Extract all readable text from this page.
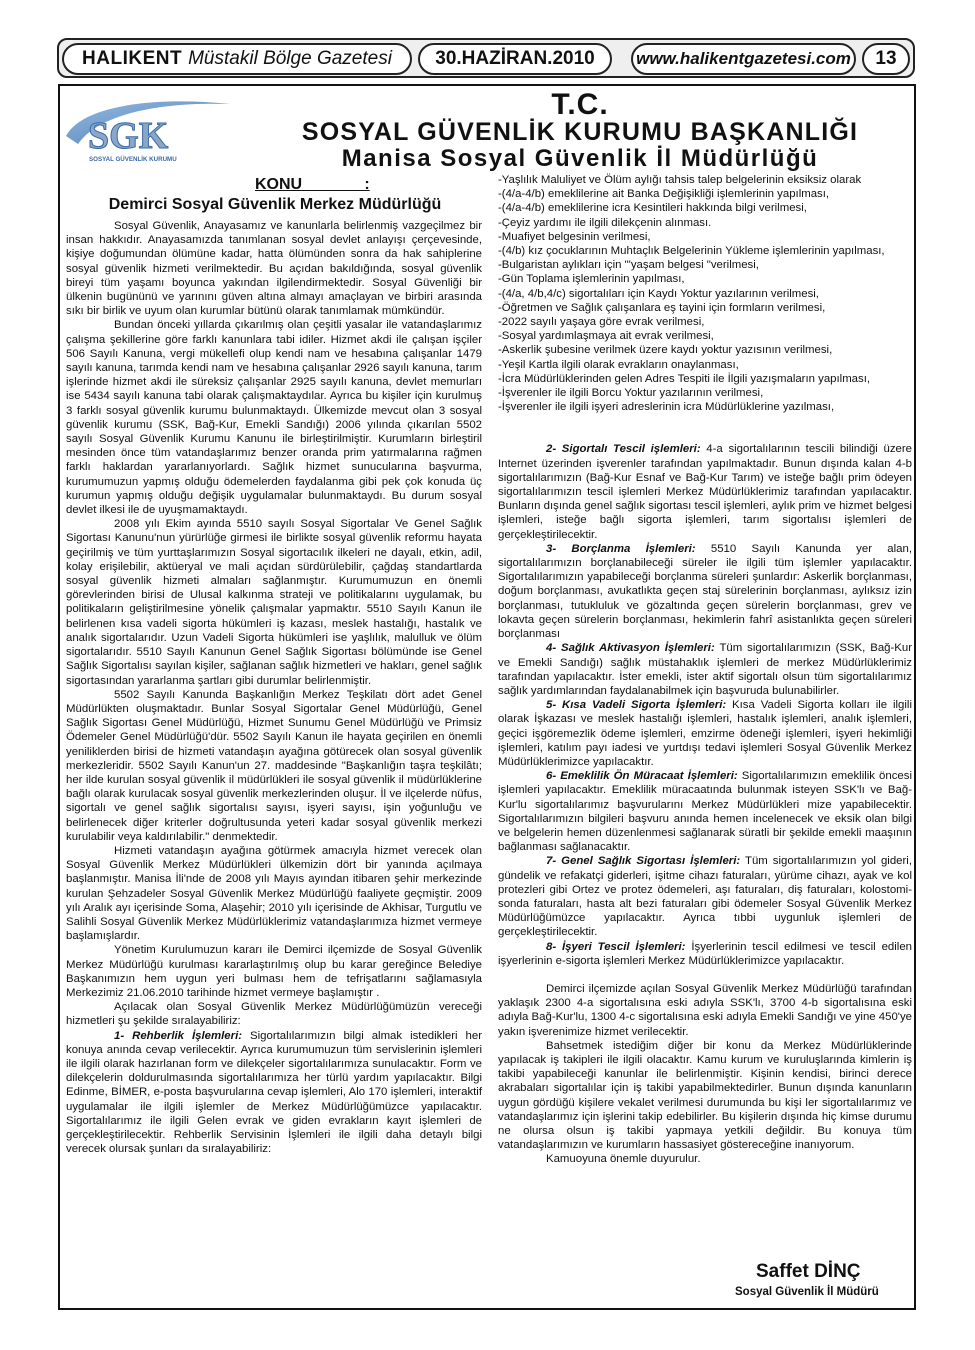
HALIKENT Müstakil Bölge Gazetesi	30.HAZİRAN.2010	www.halikentgazetesi.com	13
SGK
SOSYAL GÜVENLİK KURUMU
T.C.
SOSYAL GÜVENLİK KURUMU BAŞKANLIĞI
Manisa Sosyal Güvenlik İl Müdürlüğü
KONU              :
Demirci Sosyal Güvenlik Merkez Müdürlüğü

Sosyal Güvenlik, Anayasamız ve kanunlarla belirlenmiş vazgeçilmez bir insan hakkıdır. Anayasamızda tanımlanan sosyal devlet anlayışı çerçevesinde, kişiye doğumundan ölümüne kadar, hatta ölümünden sonra da hak sahiplerine sosyal güvenlik hizmeti verilmektedir. Bu açıdan bakıldığında, sosyal güvenlik bireyi tüm yaşamı boyunca yakından ilgilendirmektedir. Sosyal Güvenliği bir ülkenin bugününü ve yarınını güven altına almayı amaçlayan ve birbiri arasında sıkı bir birlik ve uyum olan kurumlar bütünü olarak tanımlamak mümkündür.

Bundan önceki yıllarda çıkarılmış olan çeşitli yasalar ile vatandaşlarımız çalışma şekillerine göre farklı kanunlara tabi idiler. Hizmet akdi ile çalışan işçiler 506 Sayılı Kanuna, vergi mükellefi olup kendi nam ve hesabına çalışanlar 1479 sayılı kanuna, tarımda kendi nam ve hesabına çalışanlar 2926 sayılı kanuna, tarım işlerinde hizmet akdi ile süreksiz çalışanlar 2925 sayılı kanuna, devlet memurları ise 5434 sayılı kanuna tabi olarak çalışmaktaydılar. Ayrıca bu kişiler için kurulmuş 3 farklı sosyal güvenlik kurumu bulunmaktaydı. Ülkemizde mevcut olan 3 sosyal güvenlik kurumu (SSK, Bağ-Kur, Emekli Sandığı) 2006 yılında çıkarılan 5502 sayılı Sosyal Güvenlik Kurumu Kanunu ile birleştirilmiştir. Kurumların birleştiril mesinden önce tüm vatandaşlarımız benzer oranda prim yatırmalarına rağmen farklı haklardan yararlanıyorlardı. Sağlık hizmet sunucularına başvurma, kurumumuzun yapmış olduğu ödemelerden faydalanma gibi pek çok konuda üç kurumun yapmış olduğu değişik uygulamalar bulunmaktaydı. Bu durum sosyal devlet ilkesi ile de uyuşmamaktaydı.

2008 yılı Ekim ayında 5510 sayılı Sosyal Sigortalar Ve Genel Sağlık Sigortası Kanunu'nun yürürlüğe girmesi ile birlikte sosyal güvenlik reformu hayata geçirilmiş ve tüm yurttaşlarımızın Sosyal sigortacılık ilkeleri ne dayalı, etkin, adil, kolay erişilebilir, aktüeryal ve mali açıdan sürdürülebilir, çağdaş standartlarda sosyal güvenlik hizmeti almaları sağlanmıştır. Kurumumuzun en önemli görevlerinden birisi de Ulusal kalkınma strateji ve politikalarını uygulamak, bu politikaların geliştirilmesine yönelik çalışmalar yapmaktır. 5510 Sayılı Kanun ile belirlenen kısa vadeli sigorta hükümleri iş kazası, meslek hastalığı, hastalık ve analık sigortalarıdır. Uzun Vadeli Sigorta hükümleri ise yaşlılık, malulluk ve ölüm sigortalarıdır. 5510 Sayılı Kanunun Genel Sağlık Sigortası bölümünde ise Genel Sağlık Sigortalısı sayılan kişiler, sağlanan sağlık hizmetleri ve hakları, genel sağlık sigortasından yararlanma şartları gibi durumlar belirlenmiştir.

5502 Sayılı Kanunda Başkanlığın Merkez Teşkilatı dört adet Genel Müdürlükten oluşmaktadır. Bunlar Sosyal Sigortalar Genel Müdürlüğü, Genel Sağlık Sigortası Genel Müdürlüğü, Hizmet Sunumu Genel Müdürlüğü ve Primsiz Ödemeler Genel Müdürlüğü'dür. 5502 Sayılı Kanun ile hayata geçirilen en önemli yeniliklerden birisi de hizmeti vatandaşın ayağına götürecek olan sosyal güvenlik merkezleridir. 5502 Sayılı Kanun'un 27. maddesinde "Başkanlığın taşra teşkilâtı; her ilde kurulan sosyal güvenlik il müdürlükleri ile sosyal güvenlik il müdürlüklerine bağlı olarak kurulacak sosyal güvenlik merkezlerinden oluşur. İl ve ilçelerde nüfus, sigortalı ve genel sağlık sigortalısı sayısı, işyeri sayısı, işin yoğunluğu ve belirlenecek diğer kriterler doğrultusunda yeteri kadar sosyal güvenlik merkezi kurulabilir veya kaldırılabilir." denmektedir.

Hizmeti vatandaşın ayağına götürmek amacıyla hizmet verecek olan Sosyal Güvenlik Merkez Müdürlükleri ülkemizin dört bir yanında açılmaya başlanmıştır. Manisa İli'nde de 2008 yılı Mayıs ayından itibaren şehir merkezinde kurulan Şehzadeler Sosyal Güvenlik Merkez Müdürlüğü faaliyete geçmiştir. 2009 yılı Aralık ayı içerisinde Soma, Alaşehir; 2010 yılı içerisinde de Akhisar, Turgutlu ve Salihli Sosyal Güvenlik Merkez Müdürlüklerimiz vatandaşlarımıza hizmet vermeye başlamışlardır.

Yönetim Kurulumuzun kararı ile Demirci ilçemizde de Sosyal Güvenlik Merkez Müdürlüğü kurulması kararlaştırılmış olup bu karar gereğince Belediye Başkanımızın hem uygun yeri bulması hem de tefrişatlarını sağlamasıyla Merkezimiz 21.06.2010 tarihinde hizmet vermeye başlamıştır .

Açılacak olan Sosyal Güvenlik Merkez Müdürlüğümüzün vereceği hizmetleri şu şekilde sıralayabiliriz:

1- Rehberlik İşlemleri: Sigortalılarımızın bilgi almak istedikleri her konuya anında cevap verilecektir. Ayrıca kurumumuzun tüm servislerinin işlemleri ile ilgili olarak hazırlanan form ve dilekçeler sigortalılarımıza sunulacaktır. Form ve dilekçelerin doldurulmasında sigortalılarımıza her türlü yardım yapılacaktır. Bilgi Edinme, BİMER, e-posta başvurularına cevap işlemleri, Alo 170 işlemleri, interaktif uygulamalar ile ilgili işlemler de Merkez Müdürlüğümüzce yapılacaktır. Sigortalılarımız ile ilgili Gelen evrak ve giden evrakların kayıt işlemleri de gerçekleştirilecektir. Rehberlik Servisinin İşlemleri ile ilgili daha detaylı bilgi verecek olursak şunları da sıralayabiliriz:

-Yaşlılık Maluliyet ve Ölüm aylığı tahsis talep belgelerinin eksiksiz olarak
-(4/a-4/b) emeklilerine ait Banka Değişikliği işlemlerinin yapılması,
-(4/a-4/b) emeklilerine icra Kesintileri hakkında bilgi verilmesi,
-Çeyiz yardımı ile ilgili dilekçenin alınması.
-Muafiyet belgesinin verilmesi,
-(4/b) kız çocuklarının Muhtaçlık Belgelerinin Yükleme işlemlerinin yapılması,
-Bulgaristan aylıkları için "'yaşam belgesi "verilmesi,
-Gün Toplama işlemlerinin yapılması,
-(4/a, 4/b,4/c) sigortalıları için Kaydı Yoktur yazılarının verilmesi,
-Öğretmen ve Sağlık çalışanlara eş tayini için formların verilmesi,
-2022 sayılı yaşaya göre evrak verilmesi,
-Sosyal yardımlaşmaya ait evrak verilmesi,
-Askerlik şubesine verilmek üzere kaydı yoktur yazısının verilmesi,
-Yeşil Kartla ilgili olarak evrakların onaylanması,
-İcra Müdürlüklerinden gelen Adres Tespiti ile İlgili yazışmaların yapılması,
-İşverenler ile ilgili Borcu Yoktur yazılarının verilmesi,
-İşverenler ile ilgili işyeri adreslerinin icra Müdürlüklerine yazılması,

2- Sigortalı Tescil işlemleri: 4-a sigortalılarının tescili bilindiği üzere Internet üzerinden işverenler tarafından yapılmaktadır. Bunun dışında kalan 4-b sigortalılarımızın (Bağ-Kur Esnaf ve Bağ-Kur Tarım) ve isteğe bağlı prim ödeyen sigortalılarımızın tescil işlemleri Merkez Müdürlüklerimiz tarafından yapılacaktır. Bunların dışında genel sağlık sigortası tescil işlemleri, aylık prim ve hizmet belgesi işlemleri, isteğe bağlı sigorta işlemleri, tarım sigortalısı işlemleri de gerçekleştirilecektir.

3- Borçlanma İşlemleri: 5510 Sayılı Kanunda yer alan, sigortalılarımızın borçlanabileceği süreler ile ilgili tüm işlemler yapılacaktır. Sigortalılarımızın yapabileceği borçlanma süreleri şunlardır: Askerlik borçlanması, doğum borçlanması, avukatlıkta geçen staj sürelerinin borçlanması, aylıksız izin borçlanması, tutukluluk ve gözaltında geçen sürelerin borçlanması, grev ve lokavta geçen sürelerin borçlanması, hekimlerin fahrî asistanlıkta geçen süreleri borçlanması

4- Sağlık Aktivasyon İşlemleri: Tüm sigortalılarımızın (SSK, Bağ-Kur ve Emekli Sandığı) sağlık müstahaklık işlemleri de merkez Müdürlüklerimiz tarafından yapılacaktır. İster emekli, ister aktif sigortalı olsun tüm sigortalılarımız sağlık yardımlarından faydalanabilmek için başvuruda bulunabilirler.

5- Kısa Vadeli Sigorta İşlemleri: Kısa Vadeli Sigorta kolları ile ilgili olarak İşkazası ve meslek hastalığı işlemleri, hastalık işlemleri, analık işlemleri, geçici işgöremezlik ödeme işlemleri, emzirme ödeneği işlemleri, işyeri hekimliği işlemleri, katılım payı iadesi ve yurtdışı tedavi işlemleri Sosyal Güvenlik Merkez Müdürlüklerimizce yapılacaktır.

6- Emeklilik Ön Müracaat İşlemleri: Sigortalılarımızın emeklilik öncesi işlemleri yapılacaktır. Emeklilik müracaatında bulunmak isteyen SSK'lı ve Bağ-Kur'lu sigortalılarımız başvurularını Merkez Müdürlükleri mize yapabilecektir. Sigortalılarımızın bilgileri başvuru anında hemen incelenecek ve eksik olan bilgi ve belgelerin hemen düzenlenmesi sağlanarak süratli bir şekilde emekli maaşının bağlanması sağlanacaktır.

7- Genel Sağlık Sigortası İşlemleri: Tüm sigortalılarımızın yol gideri, gündelik ve refakatçi giderleri, işitme cihazı faturaları, yürüme cihazı, ayak ve kol protezleri gibi Ortez ve protez ödemeleri, aşı faturaları, diş faturaları, kolostomi-sonda faturaları, hasta alt bezi faturaları gibi ödemeler Sosyal Güvenlik Merkez Müdürlüğümüzce yapılacaktır. Ayrıca tıbbi uygunluk işlemleri de gerçekleştirilecektir.

8- İşyeri Tescil İşlemleri: İşyerlerinin tescil edilmesi ve tescil edilen işyerlerinin e-sigorta işlemleri Merkez Müdürlüklerimizce yapılacaktır.

Demirci ilçemizde açılan Sosyal Güvenlik Merkez Müdürlüğü tarafından yaklaşık 2300 4-a sigortalısına eski adıyla SSK'lı, 3700 4-b sigortalısına eski adıyla Bağ-Kur'lu, 1300 4-c sigortalısına eski adıyla Emekli Sandığı ve yine 450'ye yakın işverenimize hizmet verilecektir.

Bahsetmek istediğim diğer bir konu da Merkez Müdürlüklerinde yapılacak iş takipleri ile ilgili olacaktır. Kamu kurum ve kuruluşlarında kimlerin iş takibi yapabileceği kanunlar ile belirlenmiştir. Kişinin kendisi, birinci derece akrabaları sigortalılar için iş takibi yapabilmektedirler. Bunun dışında kanunların uygun gördüğü kişilere vekalet verilmesi durumunda bu kişi ler sigortalılarımız ve vatandaşlarımız için işlerini takip edebilirler. Bu kişilerin dışında hiç kimse durumu ne olursa olsun iş takibi yapmaya yetkili değildir. Bu konuya tüm vatandaşlarımızın ve kurumların hassasiyet göstereceğine inanıyorum.

Kamuoyuna önemle duyurulur.

Saffet DİNÇ
Sosyal Güvenlik İl Müdürü
